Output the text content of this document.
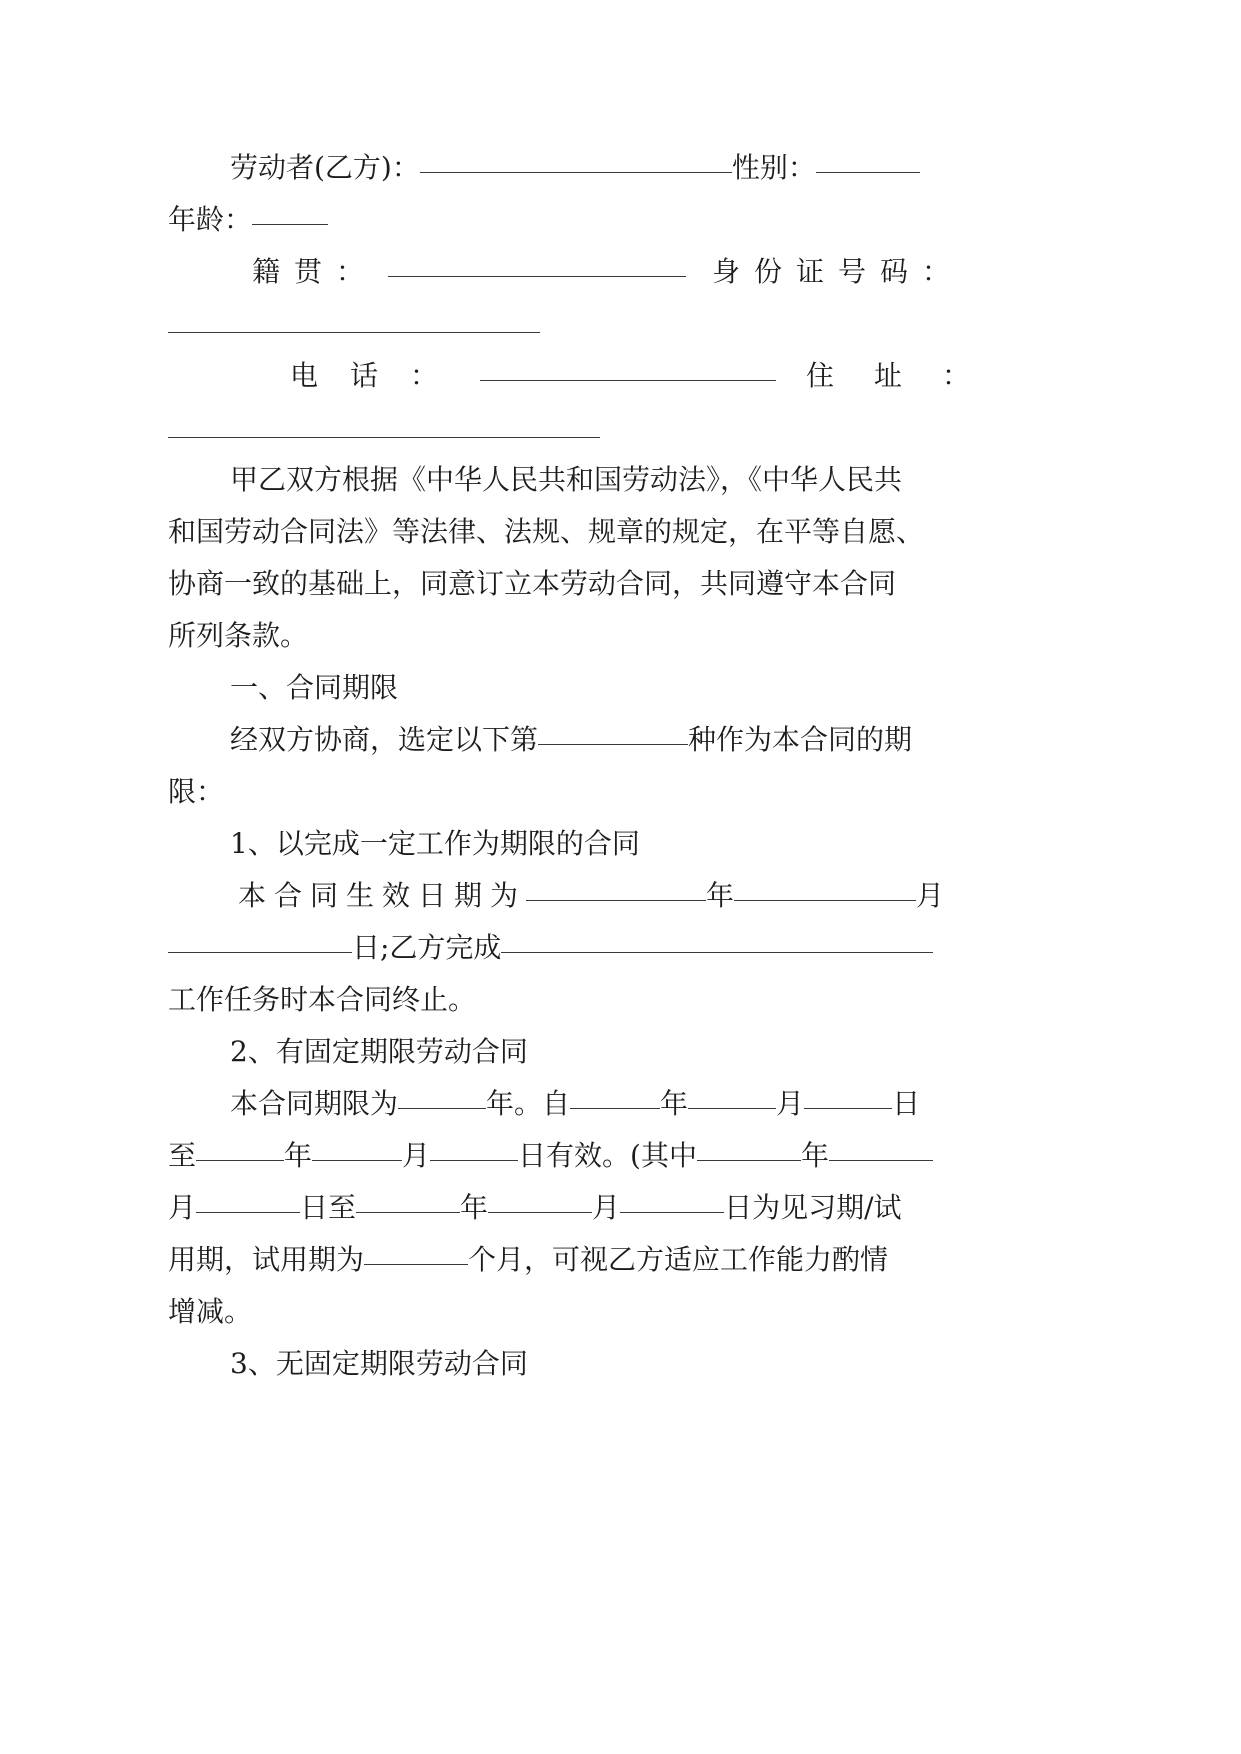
劳动者(乙方)：	性别：
年龄：
籍贯：	身份证号码：
电话：	住址：
甲乙双方根据《中华人民共和国劳动法》，《中华人民共
和国劳动合同法》等法律、法规、规章的规定，在平等自愿、
协商一致的基础上，同意订立本劳动合同，共同遵守本合同
所列条款。
一、合同期限
经双方协商，选定以下第	种作为本合同的期
限：
1、以完成一定工作为期限的合同
本合同生效日期为	年	月
日;乙方完成
工作任务时本合同终止。
2、有固定期限劳动合同
本合同期限为	年。自	年	月	日
至	年	月	日有效。(其中	年
月	日至	年	月	日为见习期/试
用期，试用期为	个月，可视乙方适应工作能力酌情
增减。
3、无固定期限劳动合同
